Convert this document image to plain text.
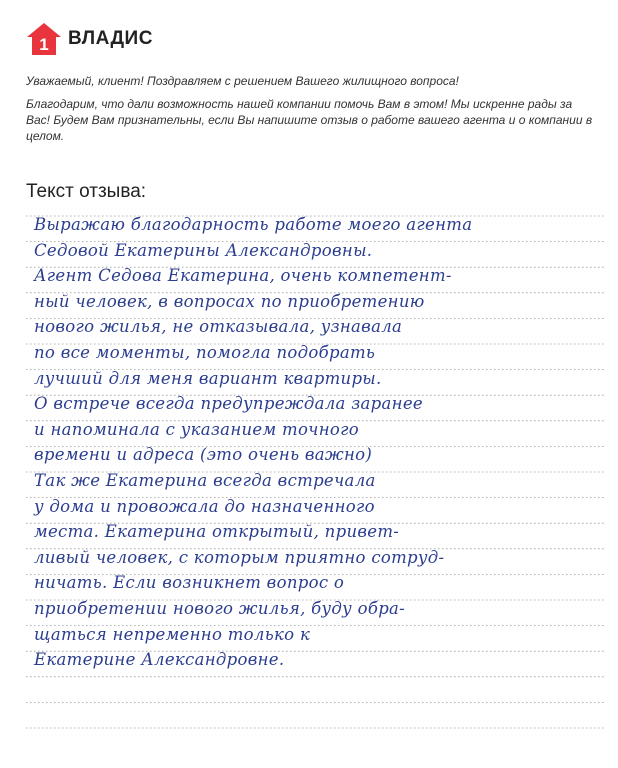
1 ВЛАДИС

Уважаемый, клиент! Поздравляем с решением Вашего жилищного вопроса!

Благодарим, что дали возможность нашей компании помочь Вам в этом! Мы искренне рады за Вас! Будем Вам признательны, если Вы напишите отзыв о работе вашего агента и о компании в целом.

Текст отзыва:
Выражаю благодарность работе моего агента
Седовой Екатерины Александровны.
Агент Седова Екатерина, очень компетент-
ный человек, в вопросах по приобретению
нового жилья, не отказывала, узнавала
по все моменты, помогла подобрать
лучший для меня вариант квартиры.
О встрече всегда предупреждала заранее
и напоминала с указанием точного
времени и адреса (это очень важно)
Так же Екатерина всегда встречала
у дома и провожала до назначенного
места. Екатерина открытый, привет-
ливый человек, с которым приятно сотруд-
ничать. Если возникнет вопрос о
приобретении нового жилья, буду обра-
щаться непременно только к
Екатерине Александровне.
